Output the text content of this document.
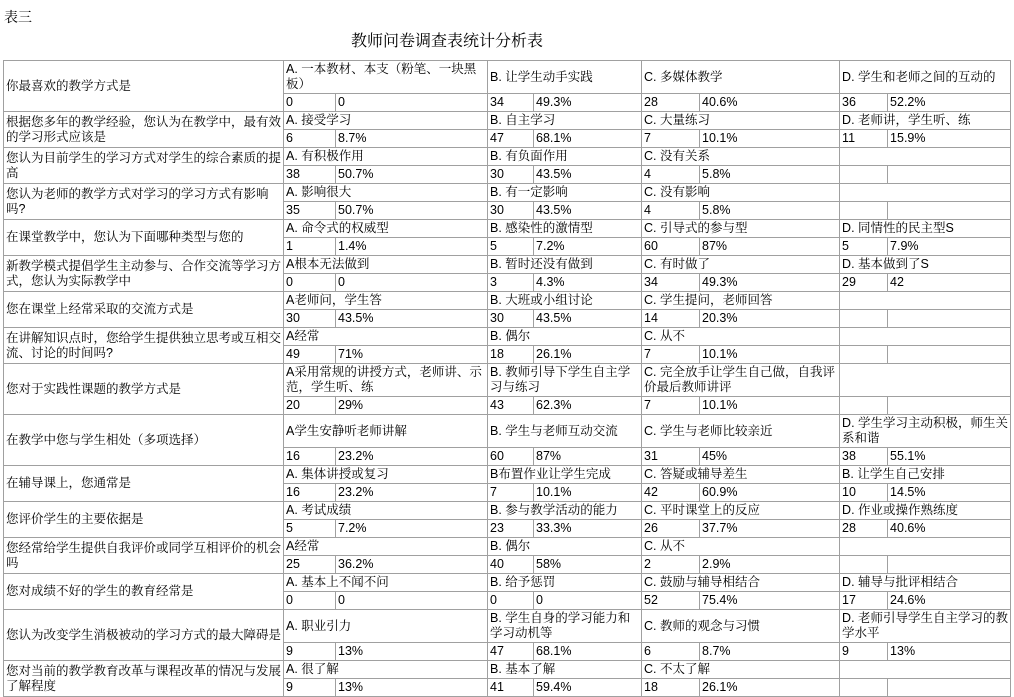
表三
教师问卷调查表统计分析表
你最喜欢的教学方式是	A. 一本教材、本支（粉笔、一块黑板）		B. 让学生动手实践		C. 多媒体教学		D. 学生和老师之间的互动的	
	0	0	34	49.3%	28	40.6%	36	52.2%
根据您多年的教学经验，您认为在教学中，最有效的学习形式应该是	A. 接受学习		B. 自主学习		C. 大量练习		D. 老师讲，学生听、练	
	6	8.7%	47	68.1%	7	10.1%	11	15.9%
您认为目前学生的学习方式对学生的综合素质的提高	A. 有积极作用		B. 有负面作用		C. 没有关系			
	38	50.7%	30	43.5%	4	5.8%		
您认为老师的教学方式对学习的学习方式有影响吗?	A. 影响很大		B. 有一定影响		C. 没有影响			
	35	50.7%	30	43.5%	4	5.8%		
在课堂教学中，您认为下面哪种类型与您的	A. 命令式的权威型		B. 感染性的激情型		C. 引导式的参与型		D. 同情性的民主型S	
	1	1.4%	5	7.2%	60	87%	5	7.9%
新教学模式提倡学生主动参与、合作交流等学习方式，您认为实际教学中	A根本无法做到		B. 暂时还没有做到		C. 有时做了		D. 基本做到了S	
	0	0	3	4.3%	34	49.3%	29	42
您在课堂上经常采取的交流方式是	A老师问，学生答		B. 大班或小组讨论		C. 学生提问，老师回答			
	30	43.5%	30	43.5%	14	20.3%		
在讲解知识点时，您给学生提供独立思考或互相交流、讨论的时间吗?	A经常		B. 偶尔		C. 从不			
	49	71%	18	26.1%	7	10.1%		
您对于实践性课题的教学方式是	A采用常规的讲授方式，老师讲、示范，学生听、练		B. 教师引导下学生自主学习与练习		C. 完全放手让学生自己做，自我评价最后教师讲评			
	20	29%	43	62.3%	7	10.1%		
在教学中您与学生相处（多项选择）	A学生安静听老师讲解		B. 学生与老师互动交流		C. 学生与老师比较亲近		D. 学生学习主动积极，师生关系和谐	
	16	23.2%	60	87%	31	45%	38	55.1%
在辅导课上，您通常是	A. 集体讲授或复习		B布置作业让学生完成		C. 答疑或辅导差生		B. 让学生自己安排	
	16	23.2%	7	10.1%	42	60.9%	10	14.5%
您评价学生的主要依据是	A. 考试成绩		B. 参与教学活动的能力		C. 平时课堂上的反应		D. 作业或操作熟练度	
	5	7.2%	23	33.3%	26	37.7%	28	40.6%
您经常给学生提供自我评价或同学互相评价的机会吗	A经常		B. 偶尔		C. 从不			
	25	36.2%	40	58%	2	2.9%		
您对成绩不好的学生的教育经常是	A. 基本上不闻不问		B. 给予惩罚		C. 鼓励与辅导相结合		D. 辅导与批评相结合	
	0	0	0	0	52	75.4%	17	24.6%
您认为改变学生消极被动的学习方式的最大障碍是	A. 职业引力		B. 学生自身的学习能力和学习动机等		C. 教师的观念与习惯		D. 老师引导学生自主学习的教学水平	
	9	13%	47	68.1%	6	8.7%	9	13%
您对当前的教学教育改革与课程改革的情况与发展了解程度	A. 很了解		B. 基本了解		C. 不太了解			
	9	13%	41	59.4%	18	26.1%		
